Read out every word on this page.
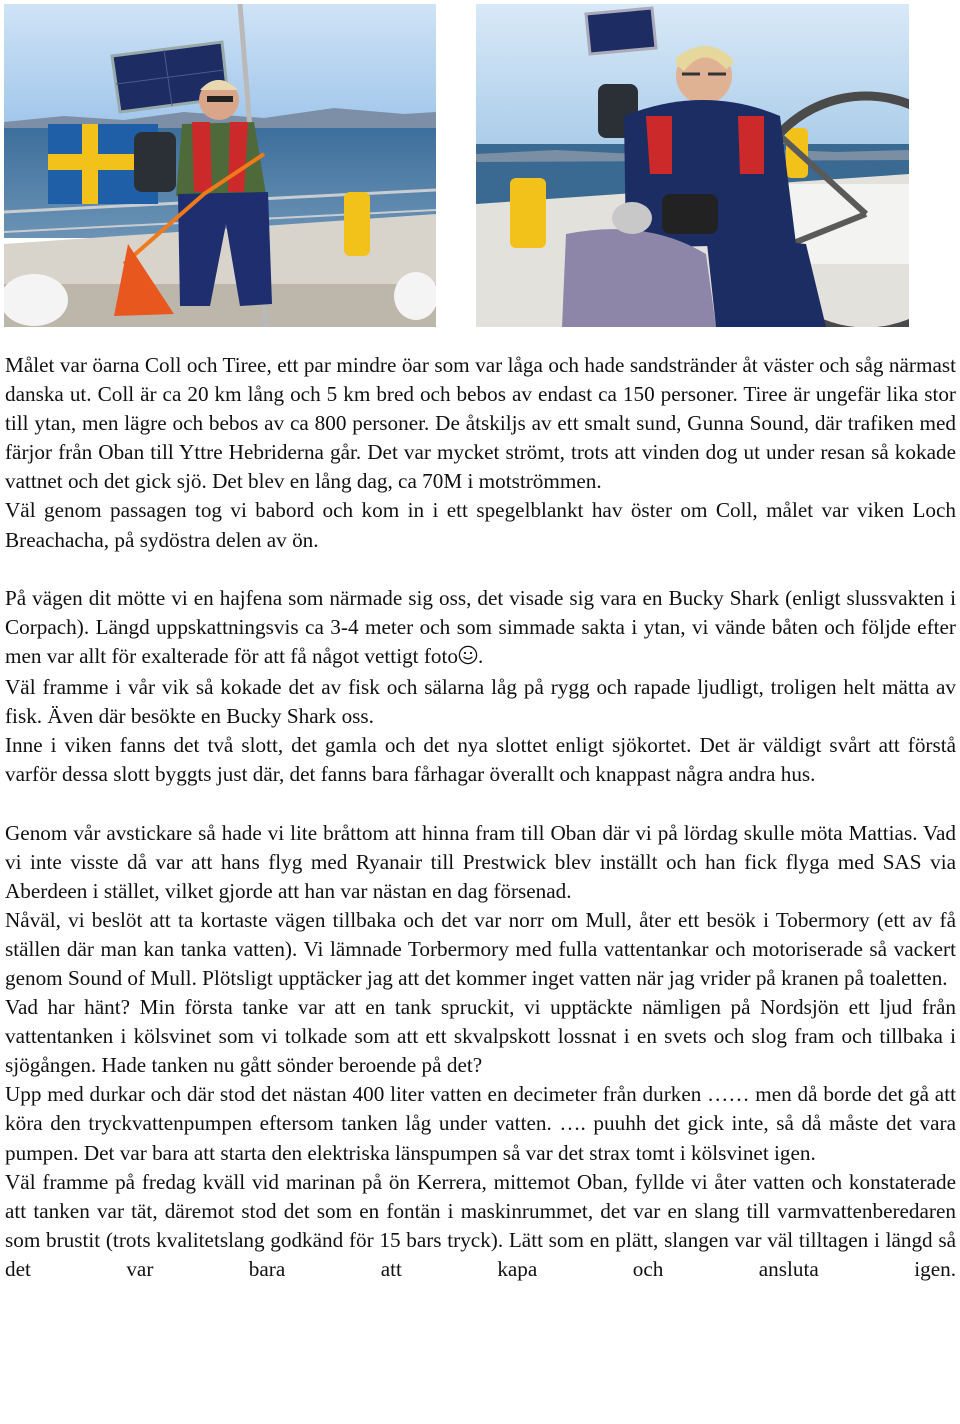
Målet var öarna Coll och Tiree, ett par mindre öar som var låga och hade sandstränder åt väster och såg närmast danska ut. Coll är ca 20 km lång och 5 km bred och bebos av endast ca 150 personer. Tiree är ungefär lika stor till ytan, men lägre och bebos av ca 800 personer. De åtskiljs av ett smalt sund, Gunna Sound, där trafiken med färjor från Oban till Yttre Hebriderna går. Det var mycket strömt, trots att vinden dog ut under resan så kokade vattnet och det gick sjö. Det blev en lång dag, ca 70M i motströmmen.

Väl genom passagen tog vi babord och kom in i ett spegelblankt hav öster om Coll, målet var viken Loch Breachacha, på sydöstra delen av ön.

På vägen dit mötte vi en hajfena som närmade sig oss, det visade sig vara en Bucky Shark (enligt slussvakten i Corpach). Längd uppskattningsvis ca 3-4 meter och som simmade sakta i ytan, vi vände båten och följde efter men var allt för exalterade för att få något vettigt foto .

Väl framme i vår vik så kokade det av fisk och sälarna låg på rygg och rapade ljudligt, troligen helt mätta av fisk. Även där besökte en Bucky Shark oss.

Inne i viken fanns det två slott, det gamla och det nya slottet enligt sjökortet. Det är väldigt svårt att förstå varför dessa slott byggts just där, det fanns bara fårhagar överallt och knappast några andra hus.

Genom vår avstickare så hade vi lite bråttom att hinna fram till Oban där vi på lördag skulle möta Mattias. Vad vi inte visste då var att hans flyg med Ryanair till Prestwick blev inställt och han fick flyga med SAS via Aberdeen i stället, vilket gjorde att han var nästan en dag försenad.

Nåväl, vi beslöt att ta kortaste vägen tillbaka och det var norr om Mull, åter ett besök i Tobermory (ett av få ställen där man kan tanka vatten). Vi lämnade Torbermory med fulla vattentankar och motoriserade så vackert genom Sound of Mull. Plötsligt upptäcker jag att det kommer inget vatten när jag vrider på kranen på toaletten.

Vad har hänt? Min första tanke var att en tank spruckit, vi upptäckte nämligen på Nordsjön ett ljud från vattentanken i kölsvinet som vi tolkade som att ett skvalpskott lossnat i en svets och slog fram och tillbaka i sjögången. Hade tanken nu gått sönder beroende på det?

Upp med durkar och där stod det nästan 400 liter vatten en decimeter från durken …… men då borde det gå att köra den tryckvattenpumpen eftersom tanken låg under vatten. …. puuhh det gick inte, så då måste det vara pumpen. Det var bara att starta den elektriska länspumpen så var det strax tomt i kölsvinet igen.

Väl framme på fredag kväll vid marinan på ön Kerrera, mittemot Oban, fyllde vi åter vatten och konstaterade att tanken var tät, däremot stod det som en fontän i maskinrummet, det var en slang till varmvattenberedaren som brustit (trots kvalitetslang godkänd för 15 bars tryck). Lätt som en plätt, slangen var väl tilltagen i längd så det var bara att kapa och ansluta igen.
